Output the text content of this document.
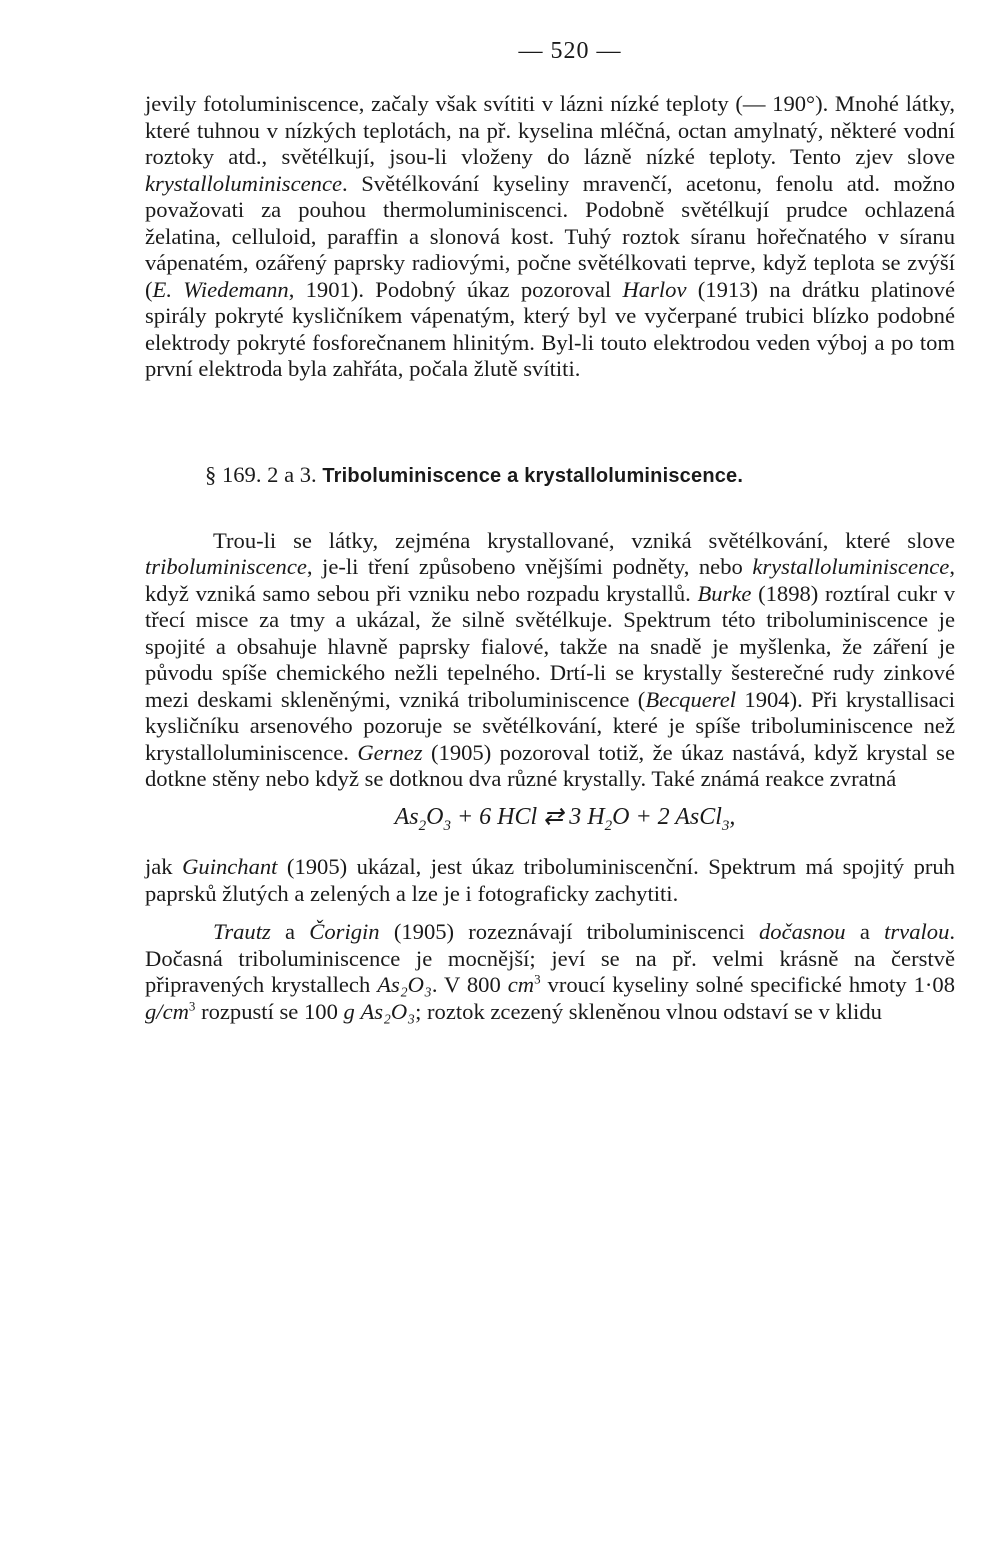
— 520 —

jevily fotoluminiscence, začaly však svítiti v lázni nízké teploty (— 190°). Mnohé látky, které tuhnou v nízkých teplotách, na př. kyselina mléčná, octan amylnatý, některé vodní roztoky atd., světélkují, jsou-li vloženy do lázně nízké teploty. Tento zjev slove krystalloluminiscence. Světélkování kyseliny mravenčí, acetonu, fenolu atd. možno považovati za pouhou thermoluminiscenci. Podobně světélkují prudce ochlazená želatina, celluloid, paraffin a slonová kost. Tuhý roztok síranu hořečnatého v síranu vápenatém, ozářený paprsky radiovými, počne světélkovati teprve, když teplota se zvýší (E. Wiedemann, 1901). Podobný úkaz pozoroval Harlov (1913) na drátku platinové spirály pokryté kysličníkem vápenatým, který byl ve vyčerpané trubici blízko podobné elektrody pokryté fosforečnanem hlinitým. Byl-li touto elektrodou veden výboj a po tom první elektroda byla zahřáta, počala žlutě svítiti.

§ 169. 2 a 3. Triboluminiscence a krystalloluminiscence.

Trou-li se látky, zejména krystallované, vzniká světélkování, které slove triboluminiscence, je-li tření způsobeno vnějšími podněty, nebo krystalloluminiscence, když vzniká samo sebou při vzniku nebo rozpadu krystallů. Burke (1898) roztíral cukr v třecí misce za tmy a ukázal, že silně světélkuje. Spektrum této triboluminiscence je spojité a obsahuje hlavně paprsky fialové, takže na snadě je myšlenka, že záření je původu spíše chemického nežli tepelného. Drtí-li se krystally šesterečné rudy zinkové mezi deskami skleněnými, vzniká triboluminiscence (Becquerel 1904). Při krystallisaci kysličníku arsenového pozoruje se světélkování, které je spíše triboluminiscence než krystalloluminiscence. Gernez (1905) pozoroval totiž, že úkaz nastává, když krystal se dotkne stěny nebo když se dotknou dva různé krystally. Také známá reakce zvratná

$As_2O_3 + 6$ HCl ⇄ 3 $H_2O + 2$ AsCl$_3$,

jak Guinchant (1905) ukázal, jest úkaz triboluminiscenční. Spektrum má spojitý pruh paprsků žlutých a zelených a lze je i fotograficky zachytiti.

Trautz a Čorigin (1905) rozeznávají triboluminiscenci dočasnou a trvalou. Dočasná triboluminiscence je mocnější; jeví se na př. velmi krásně na čerstvě připravených krystallech As₂O₃. V 800 $cm^3$ vroucí kyseliny solné specifické hmoty 1·08 $g/cm^3$ rozpustí se 100 g As₂O₃; roztok zcezený skleněnou vlnou odstaví se v klidu
